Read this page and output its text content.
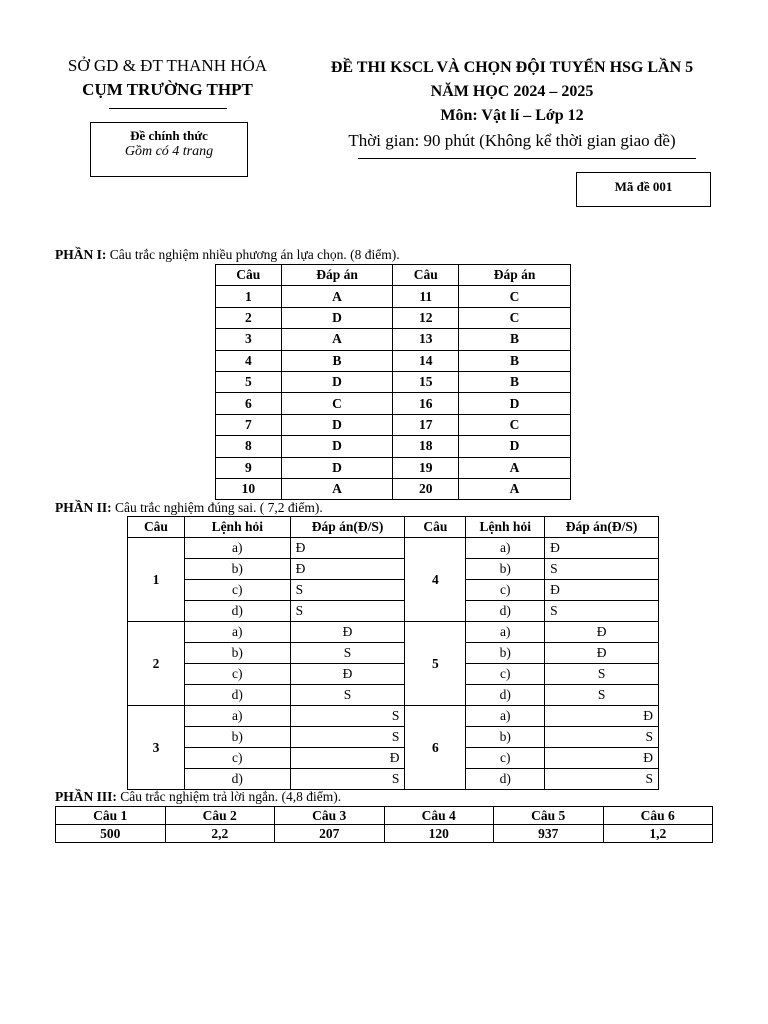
SỞ GD & ĐT THANH HÓA
CỤM TRƯỜNG THPT
Đề chính thức
Gồm có 4 trang
ĐỀ THI KSCL VÀ CHỌN ĐỘI TUYỂN HSG LẦN 5
NĂM HỌC 2024 – 2025
Môn: Vật lí – Lớp 12
Thời gian: 90 phút (Không kể thời gian giao đề)
Mã đề 001
PHẦN I: Câu trắc nghiệm nhiều phương án lựa chọn. (8 điểm).
Câu	Đáp án	Câu	Đáp án
1	A	11	C
2	D	12	C
3	A	13	B
4	B	14	B
5	D	15	B
6	C	16	D
7	D	17	C
8	D	18	D
9	D	19	A
10	A	20	A
PHẦN II: Câu trắc nghiệm đúng sai. ( 7,2 điểm).
Câu	Lệnh hỏi	Đáp án(Đ/S)	Câu	Lệnh hỏi	Đáp án(Đ/S)
1	a)	Đ	4	a)	Đ
	b)	Đ		b)	S
	c)	S		c)	Đ
	d)	S		d)	S
2	a)	Đ	5	a)	Đ
	b)	S		b)	Đ
	c)	Đ		c)	S
	d)	S		d)	S
3	a)	S	6	a)	Đ
	b)	S		b)	S
	c)	Đ		c)	Đ
	d)	S		d)	S
PHẦN III: Câu trắc nghiệm trả lời ngắn. (4,8 điểm).
Câu 1	Câu 2	Câu 3	Câu 4	Câu 5	Câu 6
500	2,2	207	120	937	1,2
